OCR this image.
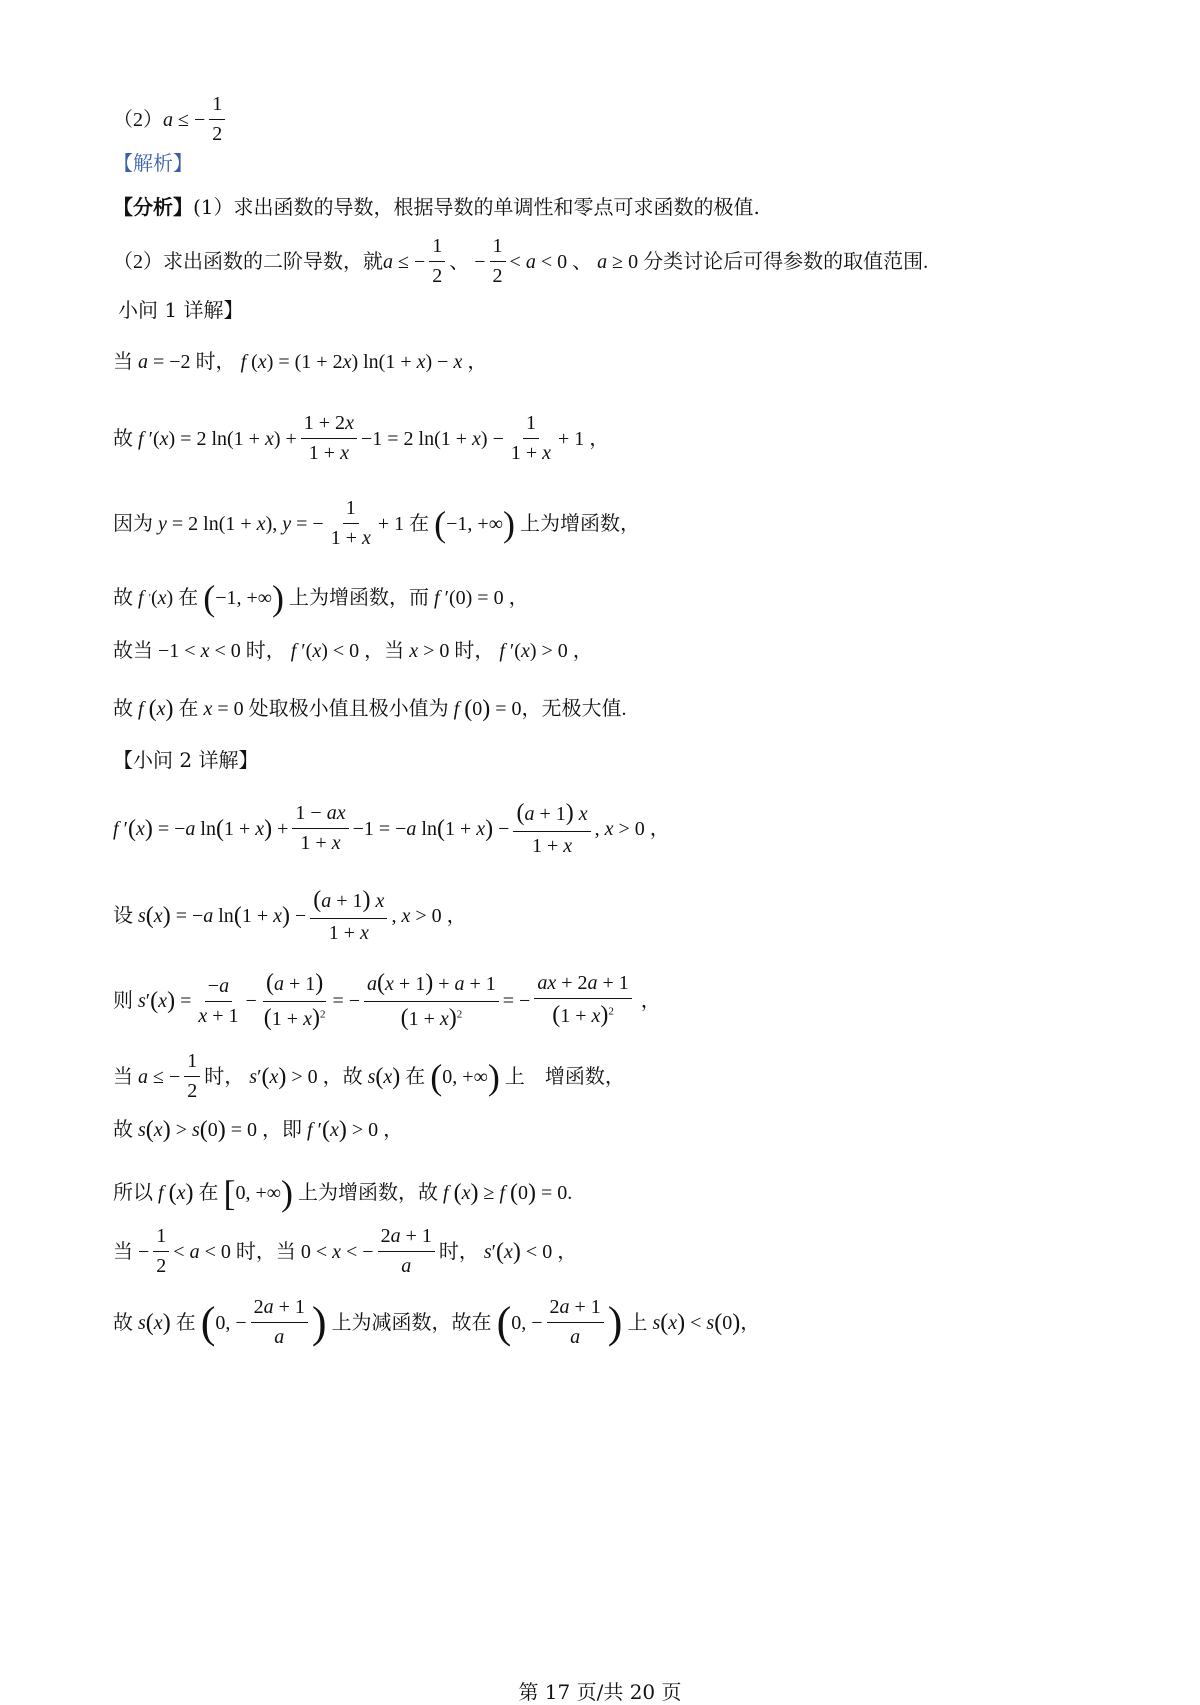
（2） a ≤ − $\frac{1}{2}$
【解析】
【分析】 (1）求出函数的导数，根据导数的单调性和零点可求函数的极值.
（2）求出函数的二阶导数，就 a ≤ − $\frac{1}{2}$ 、 − $\frac{1}{2} < a < 0$ 、 a ≥ 0 分类讨论后可得参数的取值范围.
小问 1 详解】
当
a = −2 时，
f ( x ) = (1 + 2 x ) ln(1 + x ) − x ，
故
f ′( x ) = 2 ln(1 + x ) + $\frac{1 + 2x}{1 + x} -1 = 2$ ln(1 + x ) − $\frac{1}{1 + x} + 1$ ，
因为
y = 2 ln(1 + x ), y = − $\frac{1}{1 + x} + 1$ 在
( −1, +∞ )
上为增函数，
故
f
′ ( x ) 在
( −1, +∞ )
上为增函数， 而
f ′(0) = 0 ，
故当 −1 < x < 0 时，
f ′( x ) < 0 ， 当
x > 0 时，
f ′( x ) > 0 ，
故
f
( x )
在
x = 0 处取极小值且极小值为
f
( 0 ) = 0 ，无极大值.
【小问 2 详解】
f ′ ( x ) = − a ln ( 1 + x ) + $\frac{1 - ax}{1 + x} -1$ = − a ln ( 1 + x ) − $\frac{(a + 1) x}{1 + x}$ , x > 0 ，
设
s ( x ) = − a ln ( 1 + x ) − $\frac{(a + 1) x}{1 + x}$ , x > 0 ，
则
s ′ ( x ) = $\frac{-a}{x + 1} - \frac{(a + 1)}{(1 + x)^2}$ = − $\frac{a(x + 1) + a + 1}{(1 + x)^2}$ = − $\frac{ax + 2a + 1}{(1 + x)^2}$ ，
当
a ≤ − $\frac{1}{2}$ 时，
s ′ ( x ) > 0 ， 故
s ( x )
在
( 0, +∞ )
上　增函数，
故
s ( x ) > s ( 0 ) = 0 ， 即
f ′ ( x ) > 0 ，
所以
f
( x )
在
[ 0, +∞ )
上为增函数， 故
f
( x ) ≥ f
( 0 ) = 0.
当 − $\frac{1}{2} < a < 0$ 时， 当 0 < x < − $\frac{2a + 1}{a}$ 时，
s ′ ( x ) < 0 ，
故
s ( x )
在
( 0, − $\frac{2a + 1}{a}$ )
上为减函数，故在
( 0, − $\frac{2a + 1}{a}$ )
上
s ( x ) < s ( 0 ) ，
第 17 页/共 20 页
